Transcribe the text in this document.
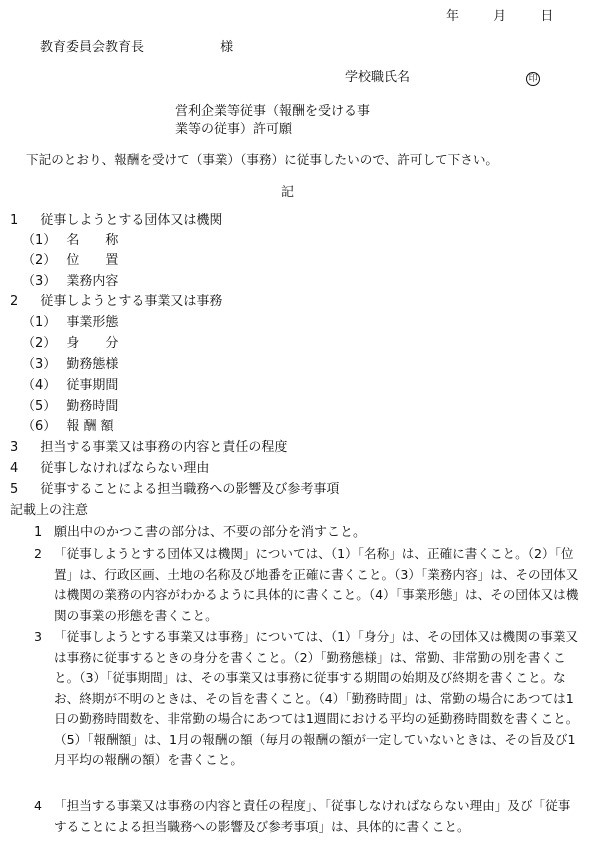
年	月	日
教育委員会教育長	様
学校職氏名	印
営利企業等従事（報酬を受ける事
業等の従事）許可願
下記のとおり、報酬を受けて（事業）（事務）に従事したいので、許可して下さい。
記
1 従事しようとする団体又は機関
（1） 名　　称
（2） 位　　置
（3） 業務内容
2 従事しようとする事業又は事務
（1） 事業形態
（2） 身　　分
（3） 勤務態様
（4） 従事期間
（5） 勤務時間
（6） 報 酬 額
3 担当する事業又は事務の内容と責任の程度
4 従事しなければならない理由
5 従事することによる担当職務への影響及び参考事項
記載上の注意
1 願出中のかつこ書の部分は、不要の部分を消すこと。
2 「従事しようとする団体又は機関」については、（1）「名称」は、正確に書くこと。（2）「位置」は、行政区画、土地の名称及び地番を正確に書くこと。（3）「業務内容」は、その団体又は機関の業務の内容がわかるように具体的に書くこと。（4）「事業形態」は、その団体又は機関の事業の形態を書くこと。
3 「従事しようとする事業又は事務」については、（1）「身分」は、その団体又は機関の事業又は事務に従事するときの身分を書くこと。（2）「勤務態様」は、常勤、非常勤の別を書くこと。（3）「従事期間」は、その事業又は事務に従事する期間の始期及び終期を書くこと。なお、終期が不明のときは、その旨を書くこと。（4）「勤務時間」は、常勤の場合にあつては1日の勤務時間数を、非常勤の場合にあつては1週間における平均の延勤務時間数を書くこと。（5）「報酬額」は、1月の報酬の額（毎月の報酬の額が一定していないときは、その旨及び1月平均の報酬の額）を書くこと。
4 「担当する事業又は事務の内容と責任の程度」、「従事しなければならない理由」及び「従事することによる担当職務への影響及び参考事項」は、具体的に書くこと。
